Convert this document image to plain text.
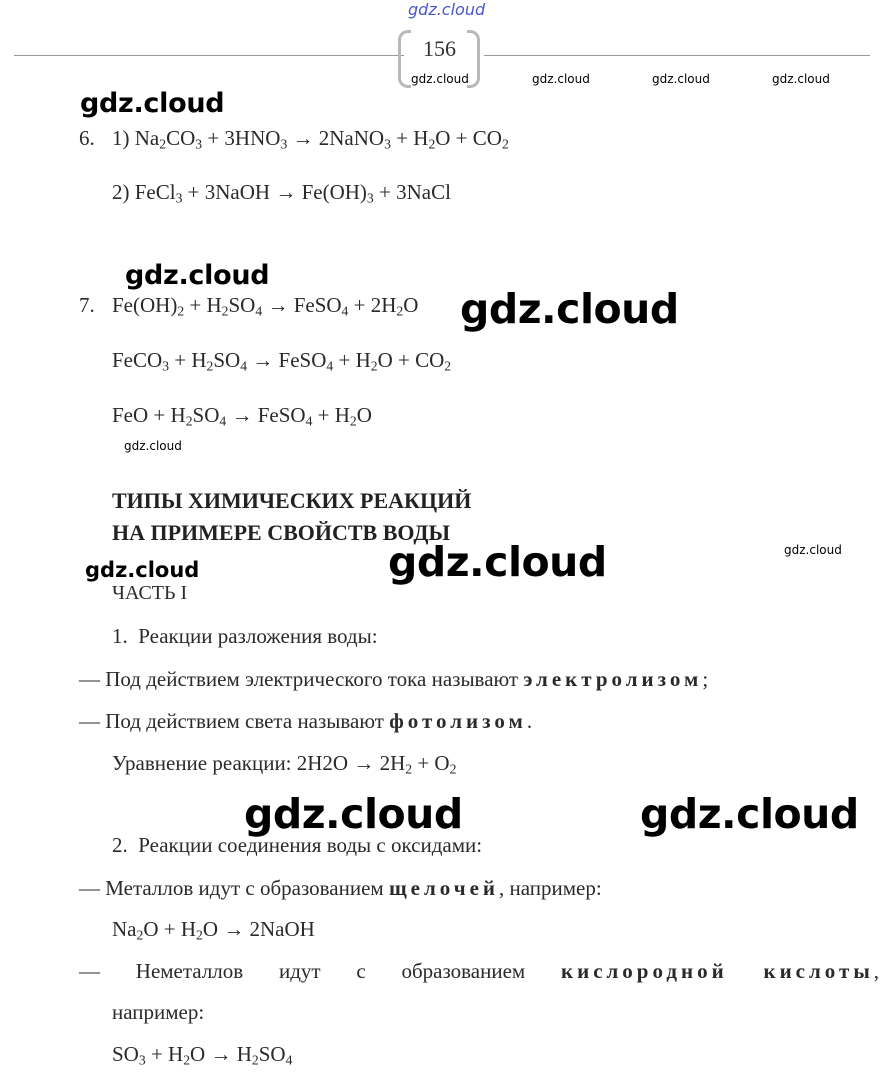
gdz.cloud
156
gdz.cloud	gdz.cloud	gdz.cloud	gdz.cloud
gdz.cloud
6. 1) $Na_2CO_3 + 3HNO_3$ → 2NaNO$_3$ + $H_2O + CO_2$
2) FeCl$_3$ + 3NaOH → $Fe(OH)_3$ + 3NaCl
gdz.cloud
7. $Fe(OH)_2 + H_2SO_4$ → FeSO$_4$ + $2H_2O$ gdz.cloud
FeCO$_3$ + $H_2SO_4$ → FeSO$_4$ + $H_2O + CO_2$
FeO + $H_2SO_4$ → FeSO$_4$ + $H_2O$
gdz.cloud
ТИПЫ ХИМИЧЕСКИХ РЕАКЦИЙ
НА ПРИМЕРЕ СВОЙСТВ ВОДЫ
gdz.cloud
gdz.cloud
gdz.cloud
ЧАСТЬ I
1. Реакции разложения воды:
— Под действием электрического тока называют электролизом;
— Под действием света называют фотолизом.
Уравнение реакции: $2H2O \to 2H_2 + O_2$
gdz.cloud	gdz.cloud
2. Реакции соединения воды с оксидами:
— Металлов идут с образованием щелочей, например:
$Na_2O + H_2O$ → 2NaOH
— Неметаллов идут с образованием кислородной кислоты,
например:
$SO_3 + H_2O \to H_2SO_4$
